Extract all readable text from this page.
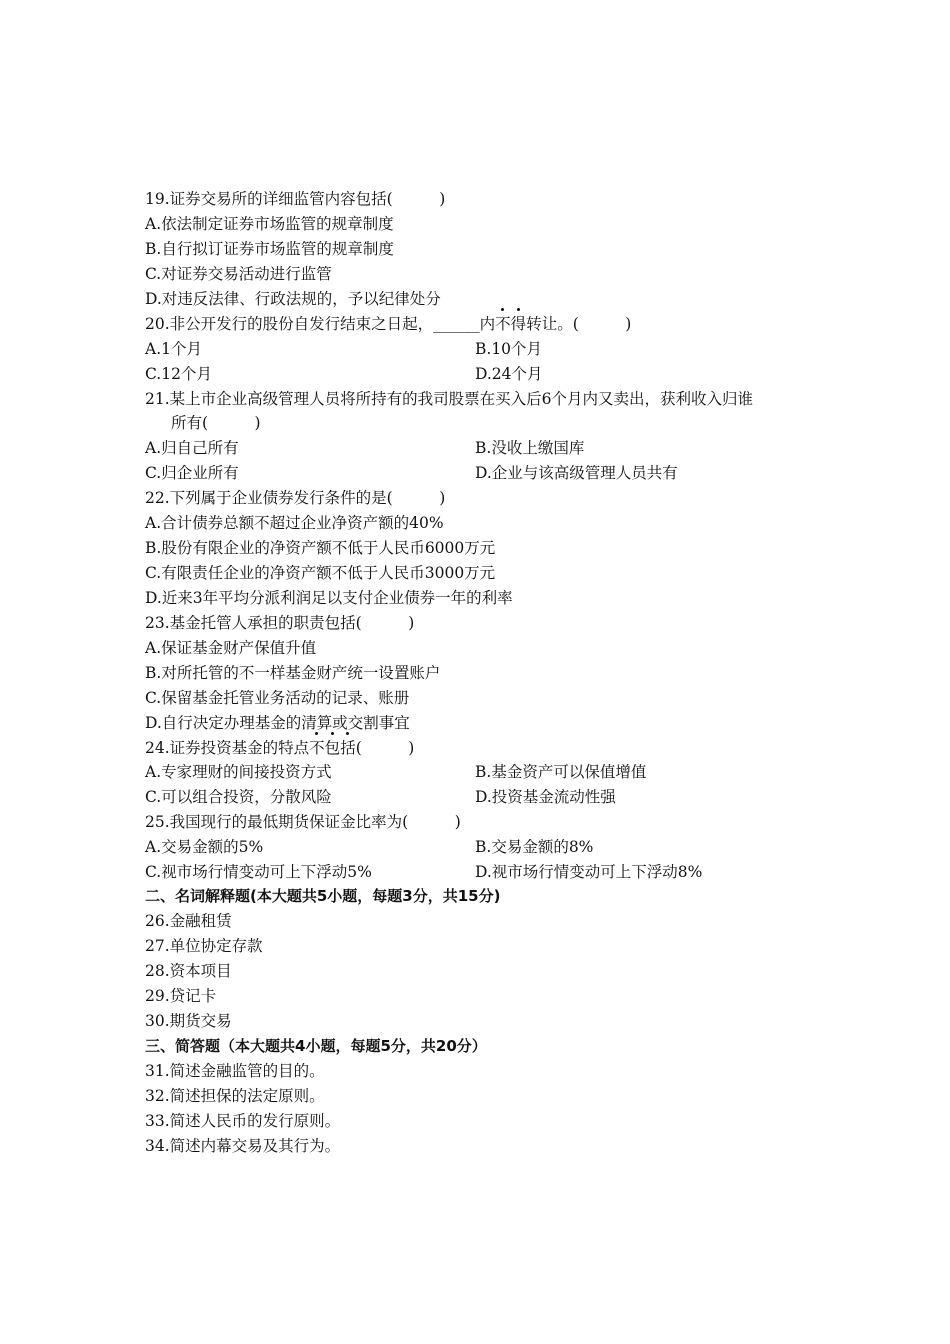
19.证券交易所的详细监管内容包括(　　　)
A.依法制定证券市场监管的规章制度
B.自行拟订证券市场监管的规章制度
C.对证券交易活动进行监管
D.对违反法律、行政法规的，予以纪律处分
20.非公开发行的股份自发行结束之日起，______内不得转让。(　　　)
A.1个月	B.10个月
C.12个月	D.24个月
21.某上市企业高级管理人员将所持有的我司股票在买入后6个月内又卖出，获利收入归谁
所有(　　　)
A.归自己所有	B.没收上缴国库
C.归企业所有	D.企业与该高级管理人员共有
22.下列属于企业债券发行条件的是(　　　)
A.合计债券总额不超过企业净资产额的40%
B.股份有限企业的净资产额不低于人民币6000万元
C.有限责任企业的净资产额不低于人民币3000万元
D.近来3年平均分派利润足以支付企业债券一年的利率
23.基金托管人承担的职责包括(　　　)
A.保证基金财产保值升值
B.对所托管的不一样基金财产统一设置账户
C.保留基金托管业务活动的记录、账册
D.自行决定办理基金的清算或交割事宜
24.证券投资基金的特点不包括(　　　)
A.专家理财的间接投资方式	B.基金资产可以保值增值
C.可以组合投资，分散风险	D.投资基金流动性强
25.我国现行的最低期货保证金比率为(　　　)
A.交易金额的5%	B.交易金额的8%
C.视市场行情变动可上下浮动5%	D.视市场行情变动可上下浮动8%
二、名词解释题(本大题共5小题，每题3分，共15分)
26.金融租赁
27.单位协定存款
28.资本项目
29.贷记卡
30.期货交易
三、简答题（本大题共4小题，每题5分，共20分）
31.简述金融监管的目的。
32.简述担保的法定原则。
33.简述人民币的发行原则。
34.简述内幕交易及其行为。
